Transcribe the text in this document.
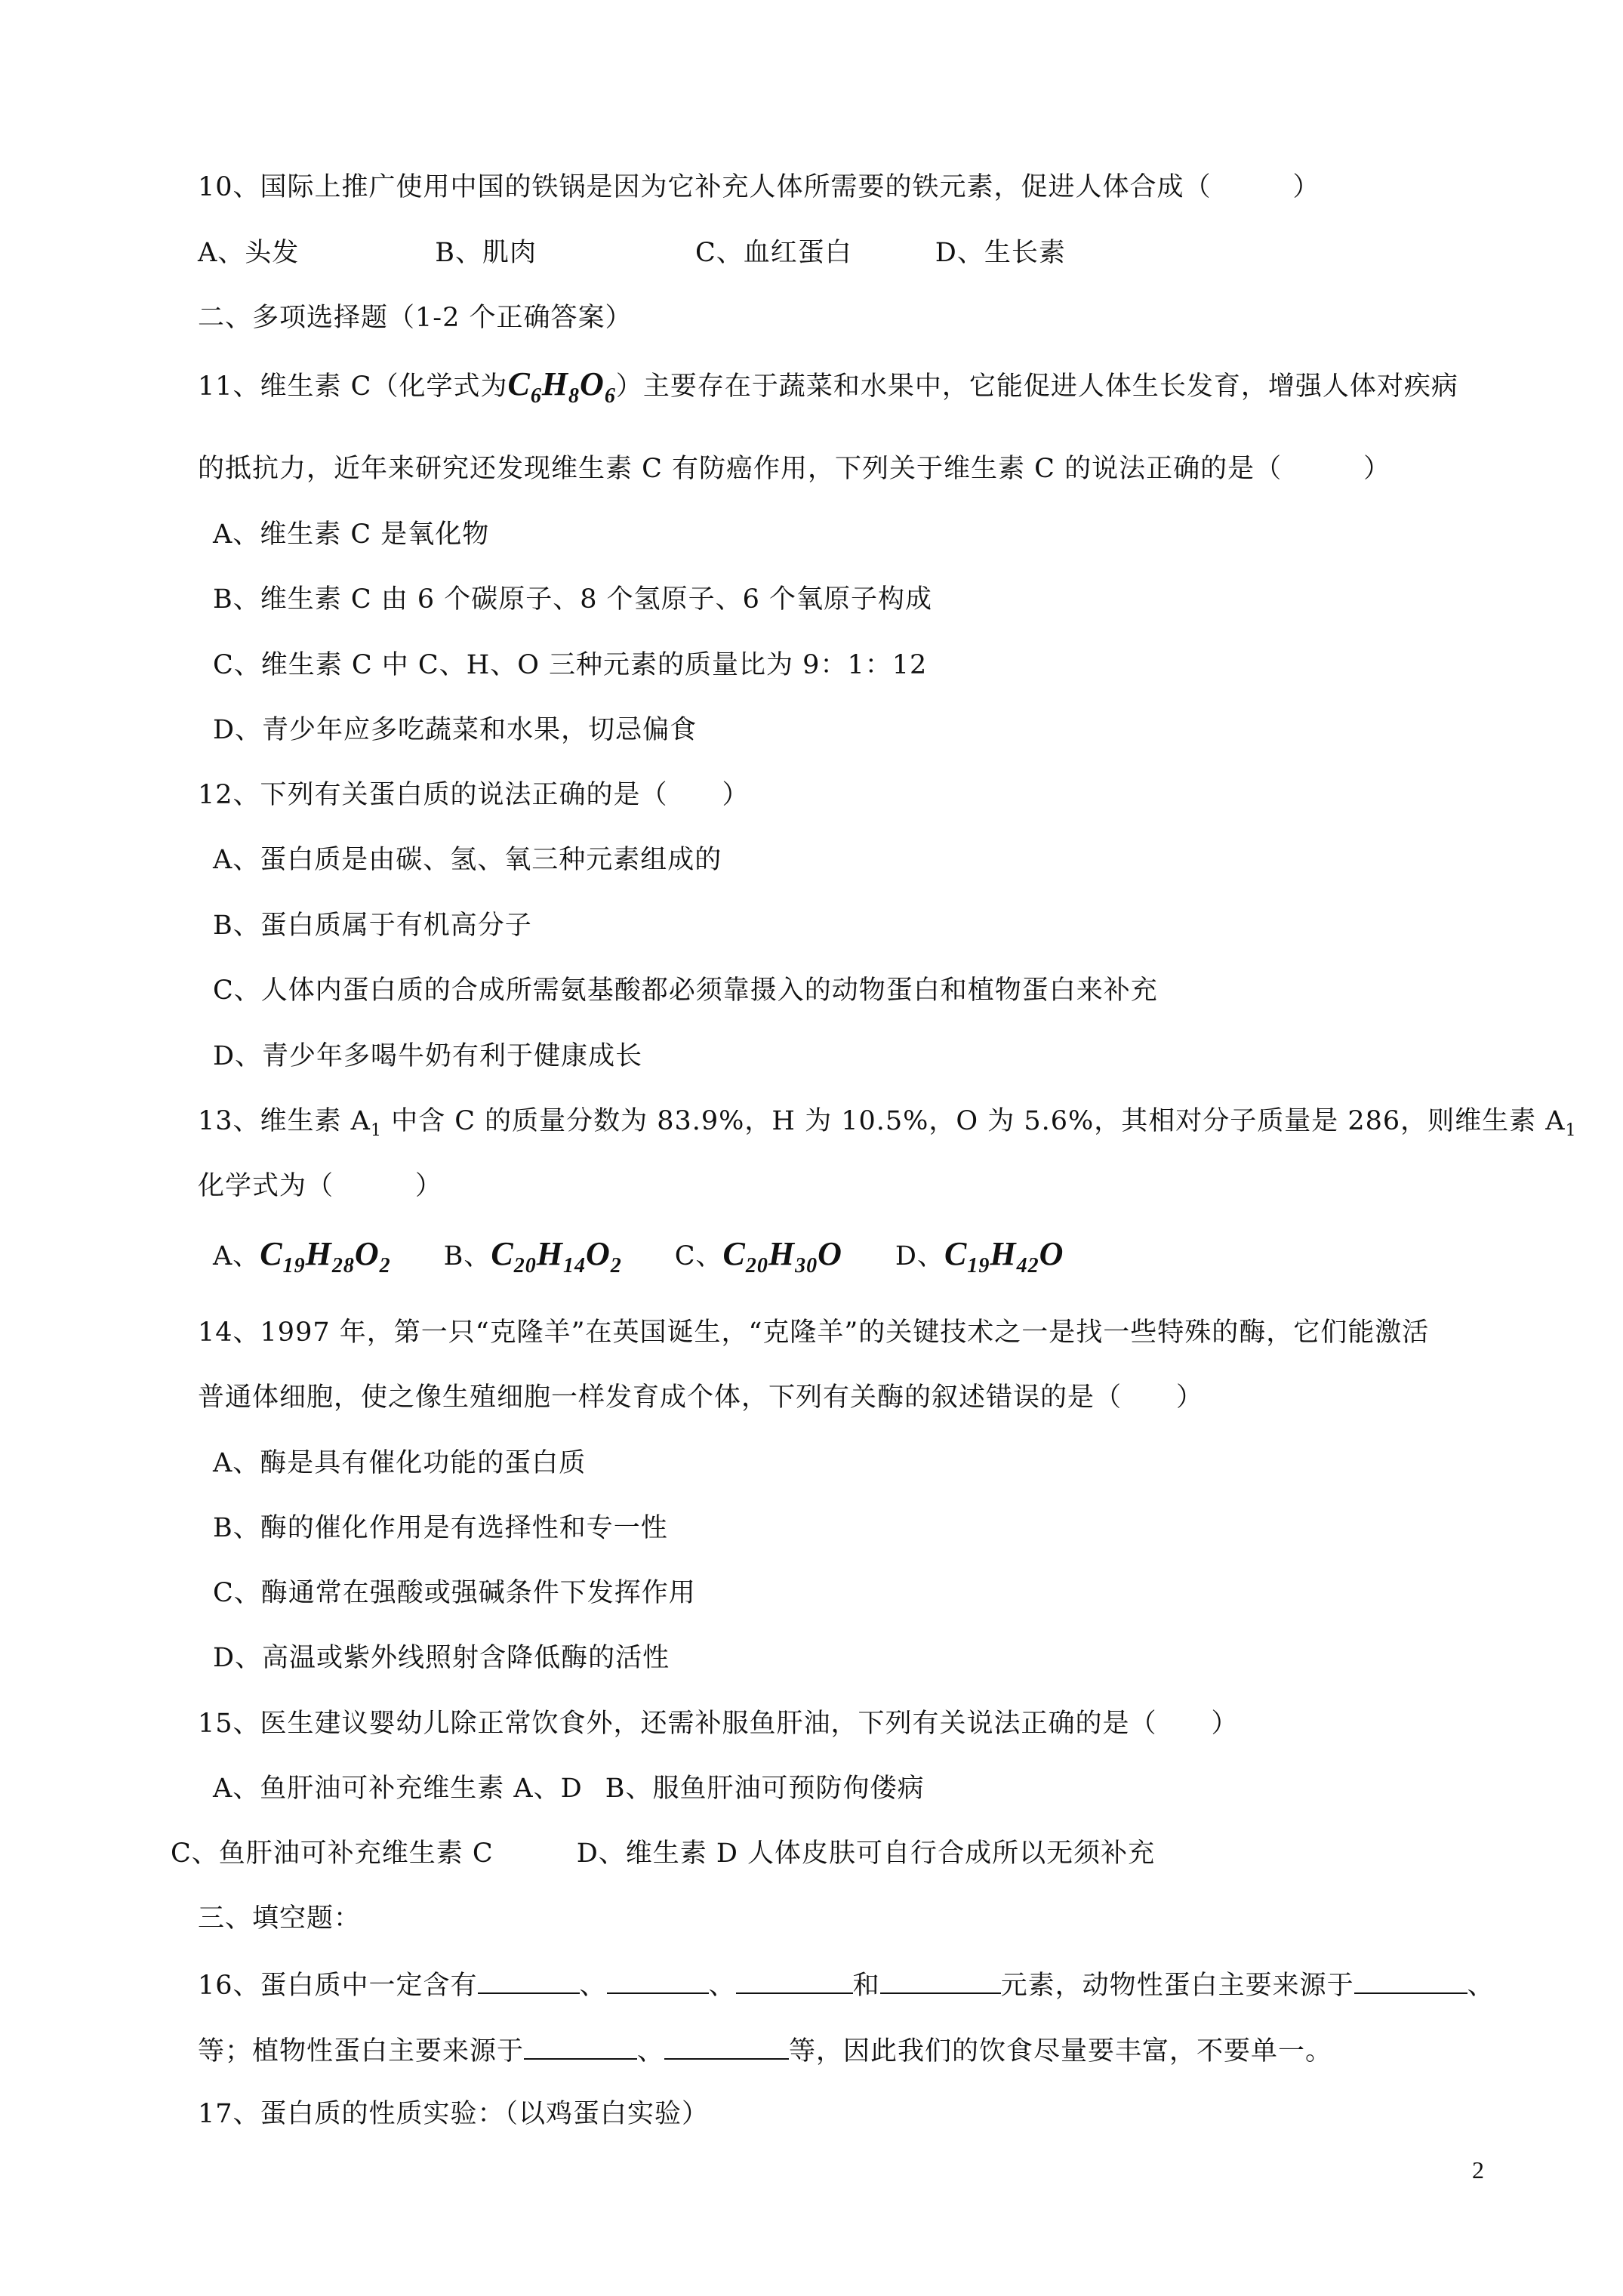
10、国际上推广使用中国的铁锅是因为它补充人体所需要的铁元素，促进人体合成（　　　）
A、头发	B、肌肉	C、血红蛋白	D、生长素
二、多项选择题（1-2 个正确答案）
11、维生素 C（化学式为$C_6H_8O_6$）主要存在于蔬菜和水果中，它能促进人体生长发育，增强人体对疾病
的抵抗力，近年来研究还发现维生素 C 有防癌作用，下列关于维生素 C 的说法正确的是（　　　）
A、维生素 C 是氧化物
B、维生素 C 由 6 个碳原子、8 个氢原子、6 个氧原子构成
C、维生素 C 中 C、H、O 三种元素的质量比为 9：1：12
D、青少年应多吃蔬菜和水果，切忌偏食
12、下列有关蛋白质的说法正确的是（　　）
A、蛋白质是由碳、氢、氧三种元素组成的
B、蛋白质属于有机高分子
C、人体内蛋白质的合成所需氨基酸都必须靠摄入的动物蛋白和植物蛋白来补充
D、青少年多喝牛奶有利于健康成长
13、维生素 $A_1$ 中含 C 的质量分数为 83.9%，H 为 10.5%，O 为 5.6%，其相对分子质量是 286，则维生素 $A_1$
化学式为（　　　）
A、$C_{19}H_{28}O_2$ B、$C_{20}H_{14}O_2$ C、$C_{20}H_{30}O$ D、$C_{19}H_{42}O$
14、1997 年，第一只“克隆羊”在英国诞生，“克隆羊”的关键技术之一是找一些特殊的酶，它们能激活
普通体细胞，使之像生殖细胞一样发育成个体，下列有关酶的叙述错误的是（　　）
A、酶是具有催化功能的蛋白质
B、酶的催化作用是有选择性和专一性
C、酶通常在强酸或强碱条件下发挥作用
D、高温或紫外线照射含降低酶的活性
15、医生建议婴幼儿除正常饮食外，还需补服鱼肝油，下列有关说法正确的是（　　）
A、鱼肝油可补充维生素 A、D B、服鱼肝油可预防佝偻病
C、鱼肝油可补充维生素 C	D、维生素 D 人体皮肤可自行合成所以无须补充
三、填空题：
16、蛋白质中一定含有	、	、	和	元素，动物性蛋白主要来源于	、
等；植物性蛋白主要来源于	、	等，因此我们的饮食尽量要丰富，不要单一。
17、蛋白质的性质实验：（以鸡蛋白实验）
2
